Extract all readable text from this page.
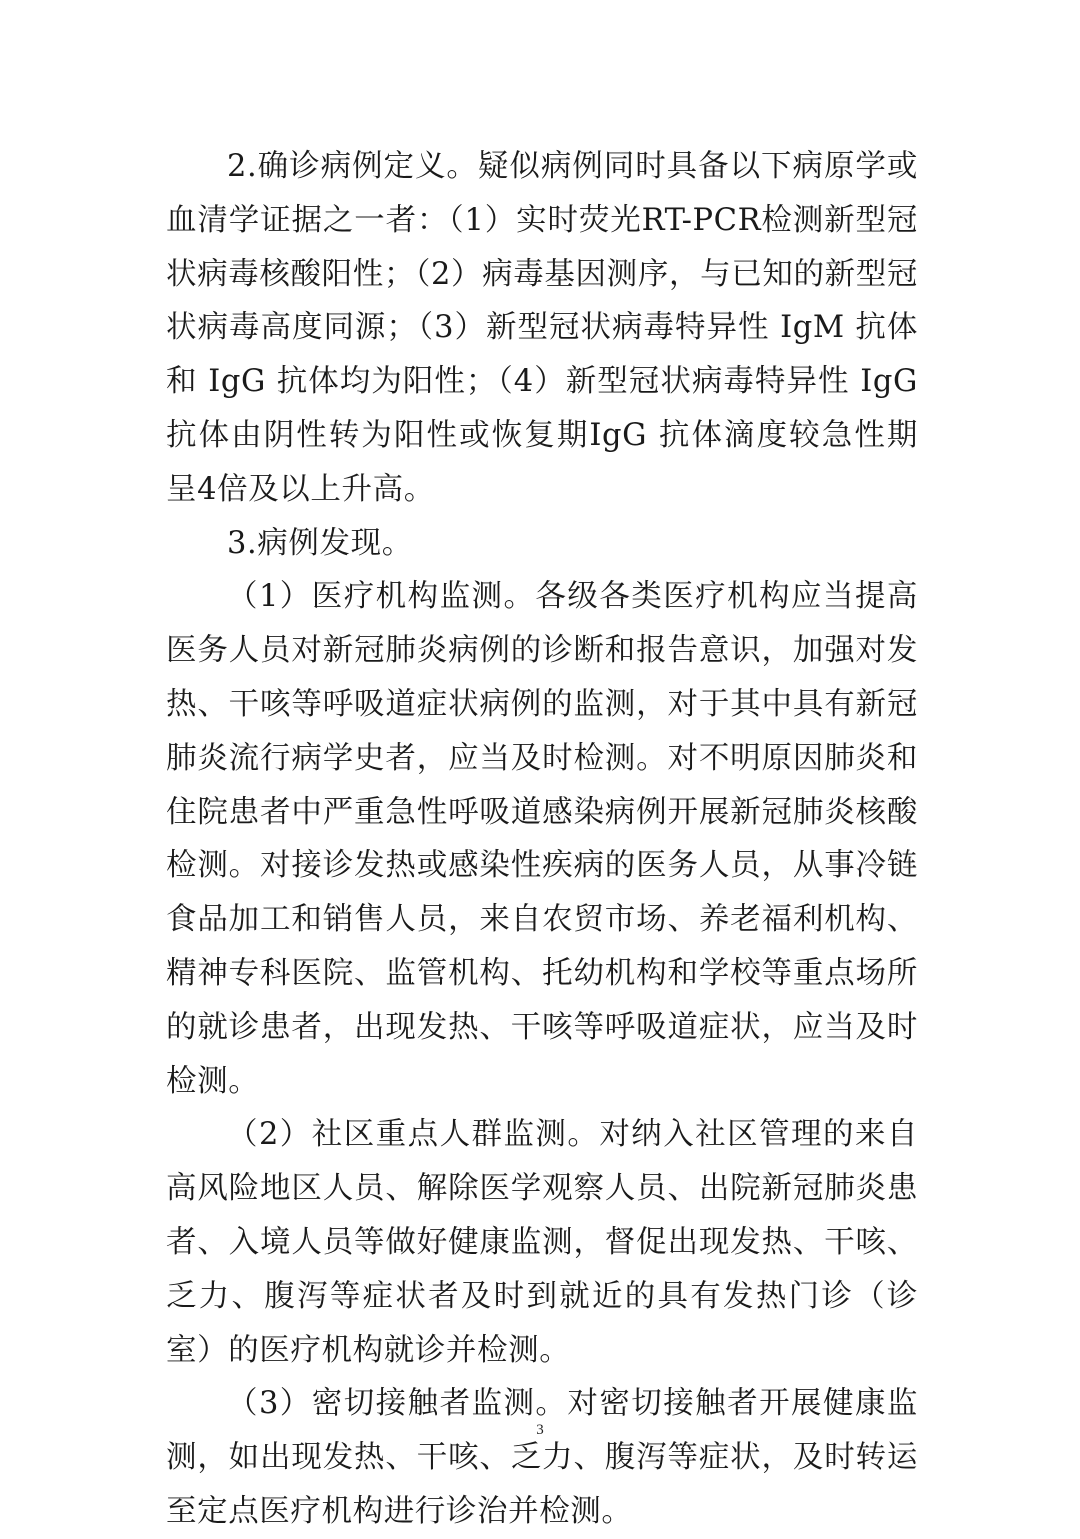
2.确诊病例定义。疑似病例同时具备以下病原学或血清学证据之一者：（1）实时荧光RT-PCR检测新型冠状病毒核酸阳性；（2）病毒基因测序，与已知的新型冠状病毒高度同源；（3）新型冠状病毒特异性 IgM 抗体和 IgG 抗体均为阳性；（4）新型冠状病毒特异性 IgG 抗体由阴性转为阳性或恢复期IgG 抗体滴度较急性期呈4倍及以上升高。

3.病例发现。

（1）医疗机构监测。各级各类医疗机构应当提高医务人员对新冠肺炎病例的诊断和报告意识，加强对发热、干咳等呼吸道症状病例的监测，对于其中具有新冠肺炎流行病学史者，应当及时检测。对不明原因肺炎和住院患者中严重急性呼吸道感染病例开展新冠肺炎核酸检测。对接诊发热或感染性疾病的医务人员，从事冷链食品加工和销售人员，来自农贸市场、养老福利机构、精神专科医院、监管机构、托幼机构和学校等重点场所的就诊患者，出现发热、干咳等呼吸道症状，应当及时检测。

（2）社区重点人群监测。对纳入社区管理的来自高风险地区人员、解除医学观察人员、出院新冠肺炎患者、入境人员等做好健康监测，督促出现发热、干咳、乏力、腹泻等症状者及时到就近的具有发热门诊（诊室）的医疗机构就诊并检测。

（3）密切接触者监测。对密切接触者开展健康监测，如出现发热、干咳、乏力、腹泻等症状，及时转运至定点医疗机构进行诊治并检测。

3
